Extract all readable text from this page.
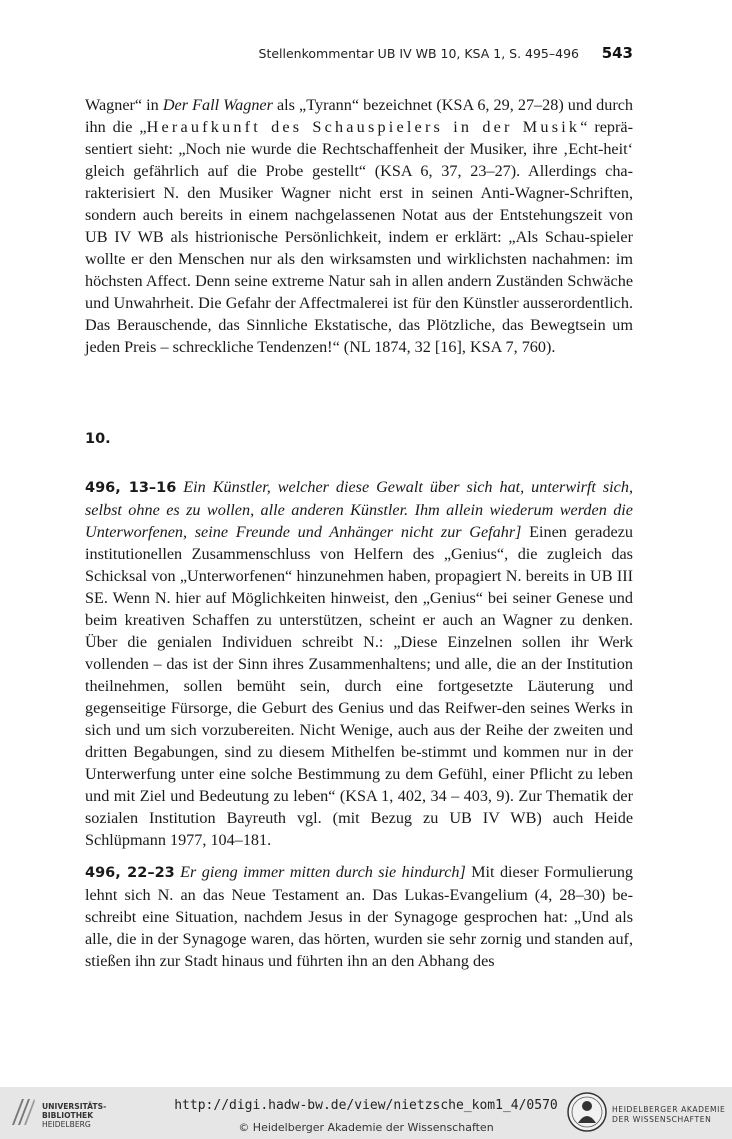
Stellenkommentar UB IV WB 10, KSA 1, S. 495–496 543

Wagner“ in Der Fall Wagner als „Tyrann“ bezeichnet (KSA 6, 29, 27–28) und durch ihn die „Heraufkunft des Schauspielers in der Musik“ reprä-​sentiert sieht: „Noch nie wurde die Rechtschaffenheit der Musiker, ihre ‚Echt-​heit‘ gleich gefährlich auf die Probe gestellt“ (KSA 6, 37, 23–27). Allerdings cha-​rakterisiert N. den Musiker Wagner nicht erst in seinen Anti-Wagner-Schriften, sondern auch bereits in einem nachgelassenen Notat aus der Entstehungszeit von UB IV WB als histrionische Persönlichkeit, indem er erklärt: „Als Schau-​spieler wollte er den Menschen nur als den wirksamsten und wirklichsten nachahmen: im höchsten Affect. Denn seine extreme Natur sah in allen andern Zuständen Schwäche und Unwahrheit. Die Gefahr der Affectmalerei ist für den Künstler ausserordentlich. Das Berauschende, das Sinnliche Ekstatische, das Plötzliche, das Bewegtsein um jeden Preis – schreckliche Tendenzen!“ (NL 1874, 32 [16], KSA 7, 760).

10.

496, 13–16 Ein Künstler, welcher diese Gewalt über sich hat, unterwirft sich, selbst ohne es zu wollen, alle anderen Künstler. Ihm allein wiederum werden die Unterworfenen, seine Freunde und Anhänger nicht zur Gefahr] Einen geradezu institutionellen Zusammenschluss von Helfern des „Genius“, die zugleich das Schicksal von „Unterworfenen“ hinzunehmen haben, propagiert N. bereits in UB III SE. Wenn N. hier auf Möglichkeiten hinweist, den „Genius“ bei seiner Genese und beim kreativen Schaffen zu unterstützen, scheint er auch an Wagner zu denken. Über die genialen Individuen schreibt N.: „Diese Einzelnen sollen ihr Werk vollenden – das ist der Sinn ihres Zusammenhaltens; und alle, die an der Institution theilnehmen, sollen bemüht sein, durch eine fortgesetzte Läuterung und gegenseitige Fürsorge, die Geburt des Genius und das Reifwer-​den seines Werks in sich und um sich vorzubereiten. Nicht Wenige, auch aus der Reihe der zweiten und dritten Begabungen, sind zu diesem Mithelfen be-​stimmt und kommen nur in der Unterwerfung unter eine solche Bestimmung zu dem Gefühl, einer Pflicht zu leben und mit Ziel und Bedeutung zu leben“ (KSA 1, 402, 34 – 403, 9). Zur Thematik der sozialen Institution Bayreuth vgl. (mit Bezug zu UB IV WB) auch Heide Schlüpmann 1977, 104–181.

496, 22–23 Er gieng immer mitten durch sie hindurch] Mit dieser Formulierung lehnt sich N. an das Neue Testament an. Das Lukas-Evangelium (4, 28–30) be-​schreibt eine Situation, nachdem Jesus in der Synagoge gesprochen hat: „Und als alle, die in der Synagoge waren, das hörten, wurden sie sehr zornig und standen auf, stießen ihn zur Stadt hinaus und führten ihn an den Abhang des

UNIVERSITÄTS-
BIBLIOTHEK
HEIDELBERG
http://digi.hadw-bw.de/view/nietzsche_kom1_4/0570
© Heidelberger Akademie der Wissenschaften
HEIDELBERGER AKADEMIE
DER WISSENSCHAFTEN
